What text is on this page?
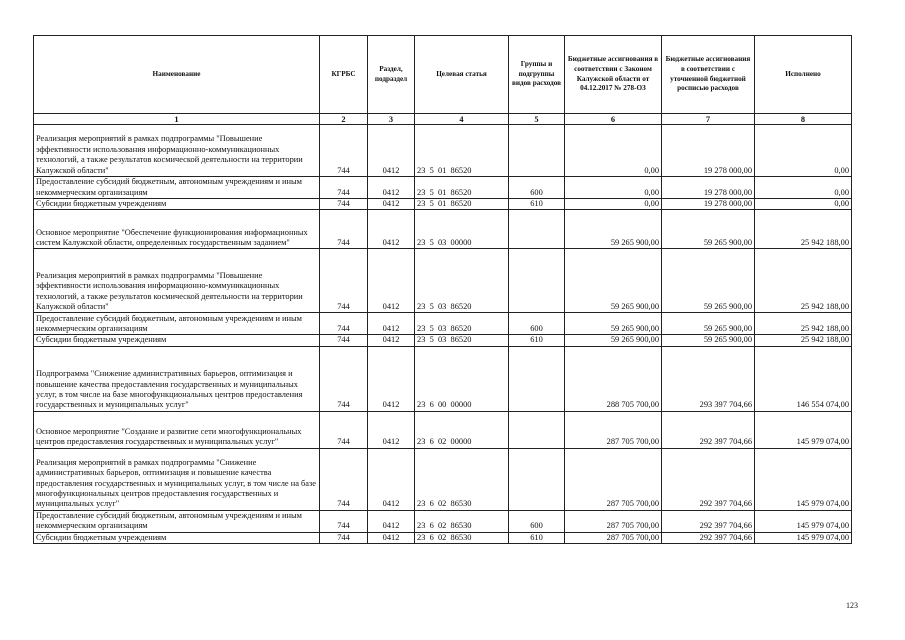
Наименование	КГРБС	Раздел, подраздел	Целевая статья	Группы и подгруппы видов расходов	Бюджетные ассигнования в соответствии с Законом Калужской области от 04.12.2017 № 278-ОЗ	Бюджетные ассигнования в соответствии с уточненной бюджетной росписью расходов	Исполнено
1	2	3	4	5	6	7	8
Реализация мероприятий в рамках подпрограммы "Повышение эффективности использования информационно-коммуникационных технологий, а также результатов космической деятельности на территории Калужской области"	744	0412	23  5  01  86520		0,00	19 278 000,00	0,00
Предоставление субсидий бюджетным, автономным учреждениям и иным некоммерческим организациям	744	0412	23  5  01  86520	600	0,00	19 278 000,00	0,00
Субсидии бюджетным учреждениям	744	0412	23  5  01  86520	610	0,00	19 278 000,00	0,00
Основное мероприятие "Обеспечение функционирования информационных систем Калужской области, определенных государственным заданием"	744	0412	23  5  03  00000		59 265 900,00	59 265 900,00	25 942 188,00
Реализация мероприятий в рамках подпрограммы "Повышение эффективности использования информационно-коммуникационных технологий, а также результатов космической деятельности на территории Калужской области"	744	0412	23  5  03  86520		59 265 900,00	59 265 900,00	25 942 188,00
Предоставление субсидий бюджетным, автономным учреждениям и иным некоммерческим организациям	744	0412	23  5  03  86520	600	59 265 900,00	59 265 900,00	25 942 188,00
Субсидии бюджетным учреждениям	744	0412	23  5  03  86520	610	59 265 900,00	59 265 900,00	25 942 188,00
Подпрограмма "Снижение административных барьеров, оптимизация и повышение качества предоставления государственных и муниципальных услуг, в том числе на базе многофункциональных центров предоставления государственных и муниципальных услуг"	744	0412	23  6  00  00000		288 705 700,00	293 397 704,66	146 554 074,00
Основное мероприятие "Создание и развитие сети многофункциональных центров предоставления государственных и муниципальных услуг"	744	0412	23  6  02  00000		287 705 700,00	292 397 704,66	145 979 074,00
Реализация мероприятий в рамках подпрограммы "Снижение административных барьеров, оптимизация и повышение качества предоставления государственных и муниципальных услуг, в том числе на базе многофункциональных центров предоставления государственных и муниципальных услуг"	744	0412	23  6  02  86530		287 705 700,00	292 397 704,66	145 979 074,00
Предоставление субсидий бюджетным, автономным учреждениям и иным некоммерческим организациям	744	0412	23  6  02  86530	600	287 705 700,00	292 397 704,66	145 979 074,00
Субсидии бюджетным учреждениям	744	0412	23  6  02  86530	610	287 705 700,00	292 397 704,66	145 979 074,00
123
